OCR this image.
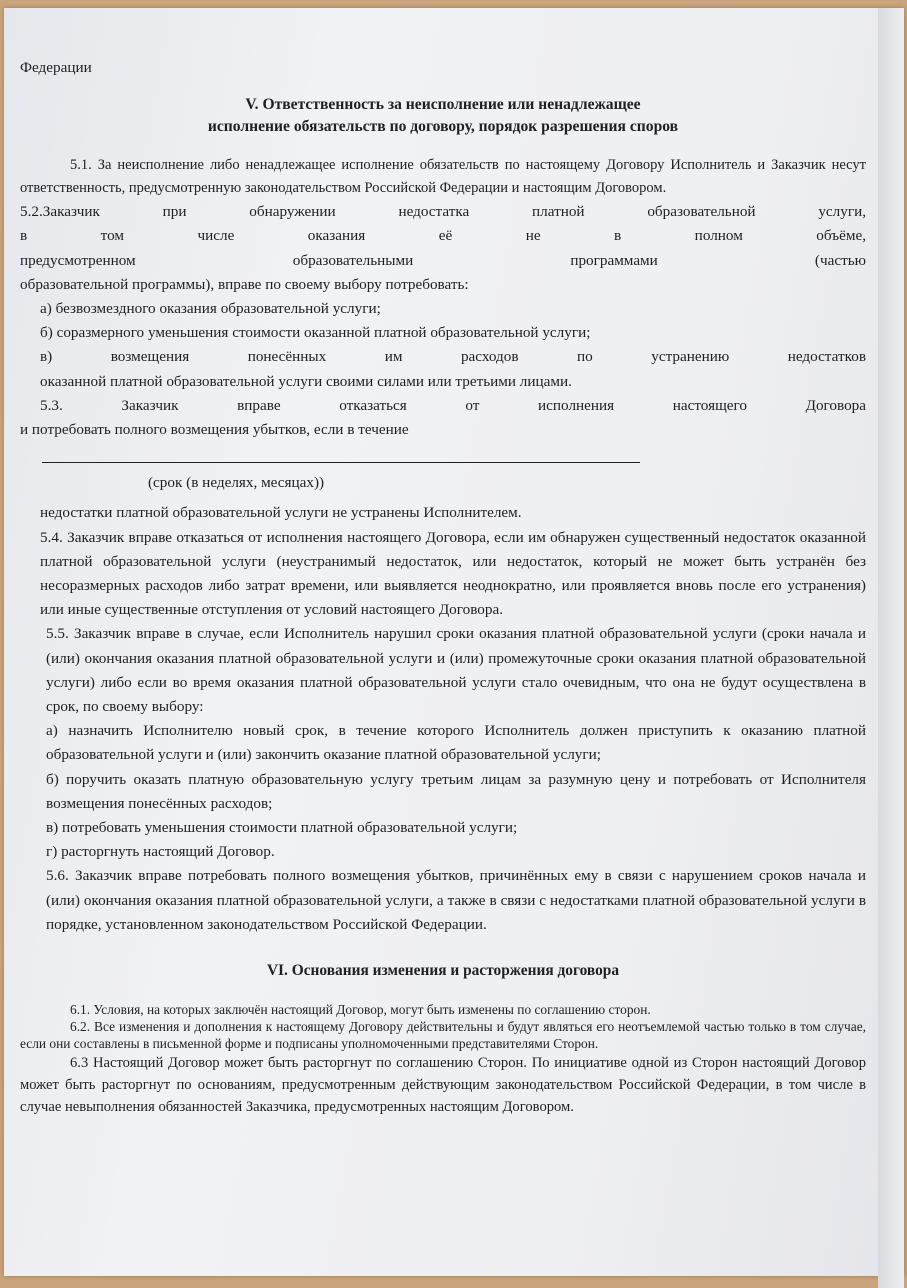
Федерации

V. Ответственность за неисполнение или ненадлежащее
исполнение обязательств по договору, порядок разрешения споров

5.1. За неисполнение либо ненадлежащее исполнение обязательств по настоящему Договору Исполнитель и Заказчик несут ответственность, предусмотренную законодательством Российской Федерации и настоящим Договором.

5.2.Заказчик при обнаружении недостатка платной образовательной услуги,

в том числе оказания её не в полном объёме,

предусмотренном образовательными программами (частью

образовательной программы), вправе по своему выбору потребовать:

а) безвозмездного оказания образовательной услуги;

б) соразмерного уменьшения стоимости оказанной платной образовательной услуги;

в) возмещения понесённых им расходов по устранению недостатков

оказанной платной образовательной услуги своими силами или третьими лицами.

5.3. Заказчик вправе отказаться от исполнения настоящего Договора

и потребовать полного возмещения убытков, если в течение

(срок (в неделях, месяцах))

недостатки платной образовательной услуги не устранены Исполнителем.

5.4. Заказчик вправе отказаться от исполнения настоящего Договора, если им обнаружен существенный недостаток оказанной платной образовательной услуги (неустранимый недостаток, или недостаток, который не может быть устранён без несоразмерных расходов либо затрат времени, или выявляется неоднократно, или проявляется вновь после его устранения) или иные существенные отступления от условий настоящего Договора.

5.5. Заказчик вправе в случае, если Исполнитель нарушил сроки оказания платной образовательной услуги (сроки начала и (или) окончания оказания платной образовательной услуги и (или) промежуточные сроки оказания платной образовательной услуги) либо если во время оказания платной образовательной услуги стало очевидным, что она не будут осуществлена в срок, по своему выбору:

а) назначить Исполнителю новый срок, в течение которого Исполнитель должен приступить к оказанию платной образовательной услуги и (или) закончить оказание платной образовательной услуги;

б) поручить оказать платную образовательную услугу третьим лицам за разумную цену и потребовать от Исполнителя возмещения понесённых расходов;

в) потребовать уменьшения стоимости платной образовательной услуги;

г) расторгнуть настоящий Договор.

5.6. Заказчик вправе потребовать полного возмещения убытков, причинённых ему в связи с нарушением сроков начала и (или) окончания оказания платной образовательной услуги, а также в связи с недостатками платной образовательной услуги в порядке, установленном законодательством Российской Федерации.

VI. Основания изменения и расторжения договора

6.1. Условия, на которых заключён настоящий Договор, могут быть изменены по соглашению сторон.

6.2. Все изменения и дополнения к настоящему Договору действительны и будут являться его неотъемлемой частью только в том случае, если они составлены в письменной форме и подписаны уполномоченными представителями Сторон.

6.3 Настоящий Договор может быть расторгнут по соглашению Сторон. По инициативе одной из Сторон настоящий Договор может быть расторгнут по основаниям, предусмотренным действующим законодательством Российской Федерации, в том числе в случае невыполнения обязанностей Заказчика, предусмотренных настоящим Договором.
